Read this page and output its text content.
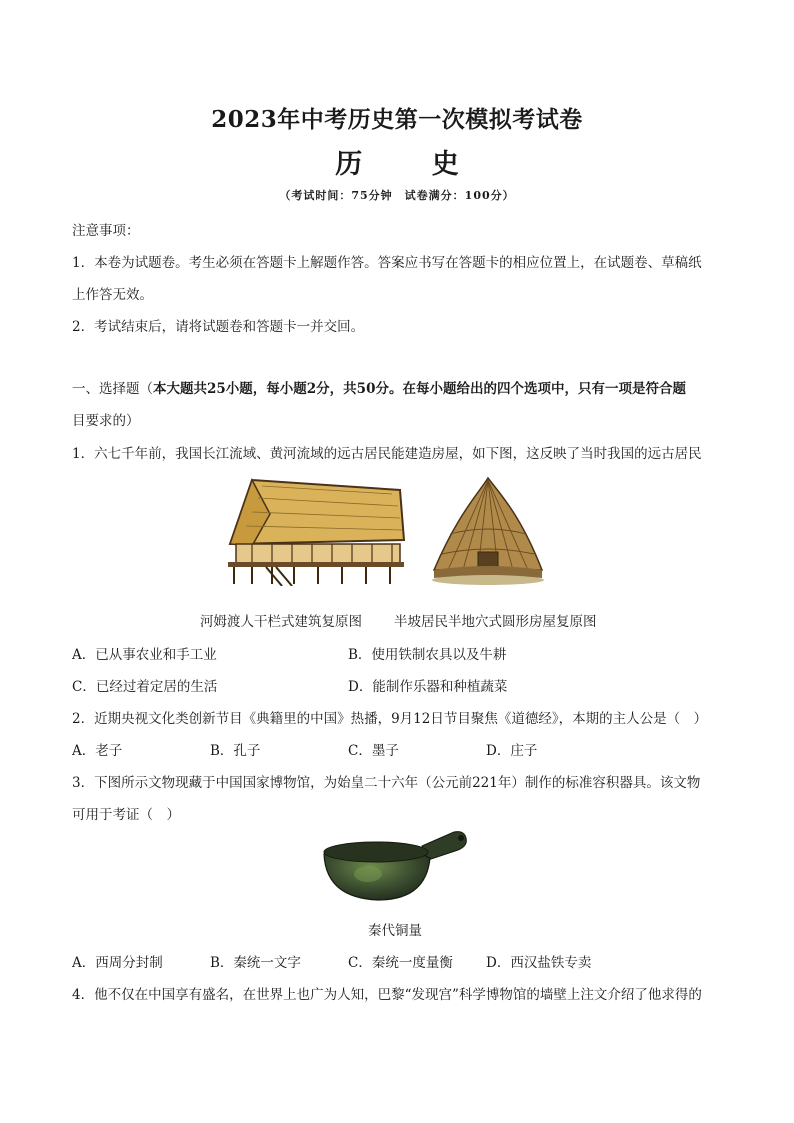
2023年中考历史第一次模拟考试卷
历 史
（考试时间：75分钟　试卷满分：100分）
注意事项：
1．本卷为试题卷。考生必须在答题卡上解题作答。答案应书写在答题卡的相应位置上，在试题卷、草稿纸
上作答无效。
2．考试结束后，请将试题卷和答题卡一并交回。
一、选择题（本大题共25小题，每小题2分，共50分。在每小题给出的四个选项中，只有一项是符合题
目要求的）
1．六七千年前，我国长江流域、黄河流域的远古居民能建造房屋，如下图，这反映了当时我国的远古居民
河姆渡人干栏式建筑复原图 半坡居民半地穴式圆形房屋复原图
A．已从事农业和手工业	B．使用铁制农具以及牛耕
C．已经过着定居的生活	D．能制作乐器和种植蔬菜
2．近期央视文化类创新节目《典籍里的中国》热播，9月12日节目聚焦《道德经》，本期的主人公是（　）
A．老子	B．孔子	C．墨子	D．庄子
3．下图所示文物现藏于中国国家博物馆，为始皇二十六年（公元前221年）制作的标准容积器具。该文物
可用于考证（　）
秦代铜量
A．西周分封制	B．秦统一文字	C．秦统一度量衡 D．西汉盐铁专卖
4．他不仅在中国享有盛名，在世界上也广为人知，巴黎“发现宫”科学博物馆的墙壁上注文介绍了他求得的
